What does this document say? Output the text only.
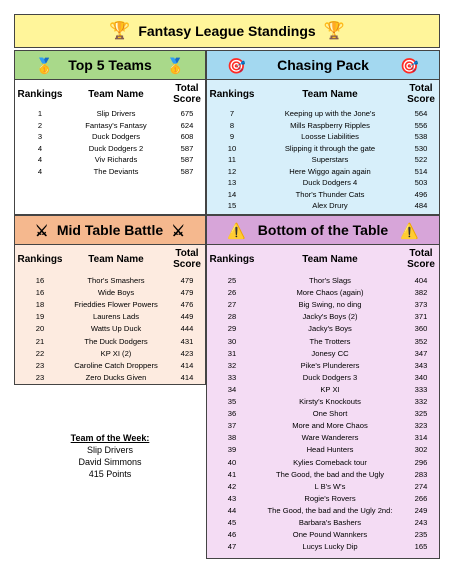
🏆 Fantasy League Standings 🏆
🥇 Top 5 Teams 🥇	🎯 Chasing Pack 🎯
⚔ Mid Table Battle ⚔	⚠️ Bottom of the Table ⚠️
Rankings	Team Name
Total
Score
1	Slip Drivers	675
2	Fantasy's Fantasy	624
3	Duck Dodgers	608
4	Duck Dodgers 2	587
4	Viv Richards	587
4	The Deviants	587
Rankings	Team Name
Total
Score
7	Keeping up with the Jone's	564
8	Mills Raspberry Ripples	556
9	Loosse Liabilities	538
10	Slipping it through the gate	530
11	Superstars	522
12	Here Wiggo again again	514
13	Duck Dodgers 4	503
14	Thor's Thunder Cats	496
15	Alex Drury	484
Rankings	Team Name
Total
Score
16	Thor's Smashers	479
16	Wide Boys	479
18	Frieddies Flower Powers	476
19	Laurens Lads	449
20	Watts Up Duck	444
21	The Duck Dodgers	431
22	KP XI (2)	423
23	Caroline Catch Droppers	414
23	Zero Ducks Given	414
Rankings	Team Name
Total
Score
25	Thor's Slags	404
26	More Chaos (again)	382
27	Big Swing, no ding	373
28	Jacky's Boys (2)	371
29	Jacky's Boys	360
30	The Trotters	352
31	Jonesy CC	347
32	Pike's Plunderers	343
33	Duck Dodgers 3	340
34	KP XI	333
35	Kirsty's Knockouts	332
36	One Short	325
37	More and More Chaos	323
38	Ware Wanderers	314
39	Head Hunters	302
40	Kylies Comeback tour	296
41	The Good, the bad and the Ugly	283
42	L B's W's	274
43	Rogie's Rovers	266
44	The Good, the bad and the Ugly 2nd:	249
45	Barbara's Bashers	243
46	One Pound Wannkers	235
47	Lucys Lucky Dip	165
Team of the Week:
Slip Drivers
David Simmons
415 Points
